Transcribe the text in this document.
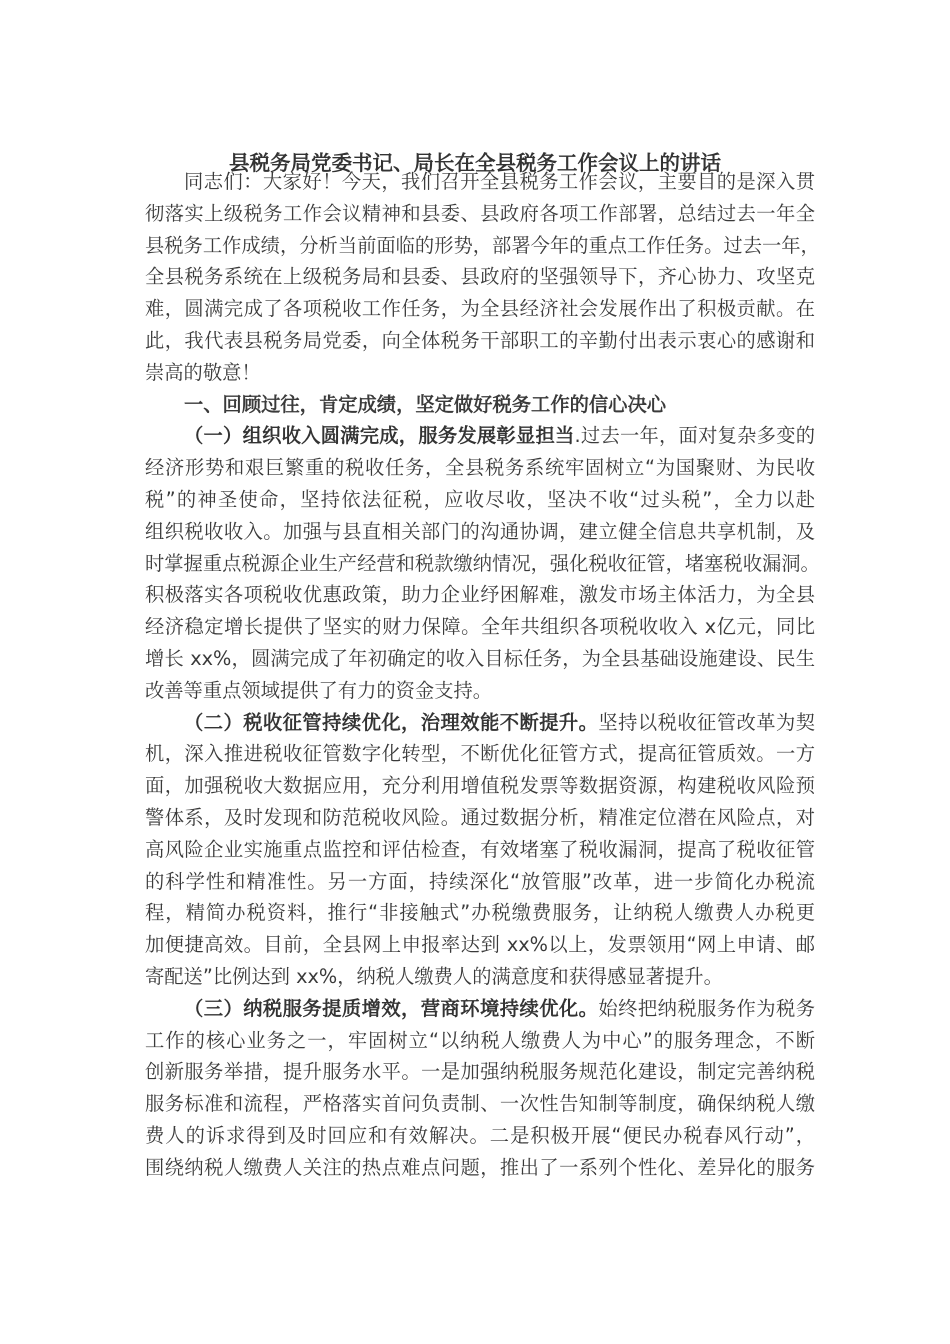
县税务局党委书记、局长在全县税务工作会议上的讲话
同志们：大家好！今天，我们召开全县税务工作会议，主要目的是深入贯
彻落实上级税务工作会议精神和县委、县政府各项工作部署，总结过去一年全
县税务工作成绩，分析当前面临的形势，部署今年的重点工作任务。过去一年，
全县税务系统在上级税务局和县委、县政府的坚强领导下，齐心协力、攻坚克
难，圆满完成了各项税收工作任务，为全县经济社会发展作出了积极贡献。在
此，我代表县税务局党委，向全体税务干部职工的辛勤付出表示衷心的感谢和
崇高的敬意！
一、回顾过往，肯定成绩，坚定做好税务工作的信心决心
（一）组织收入圆满完成，服务发展彰显担当.过去一年，面对复杂多变的
经济形势和艰巨繁重的税收任务，全县税务系统牢固树立“为国聚财、为民收
税”的神圣使命，坚持依法征税，应收尽收，坚决不收“过头税”，全力以赴
组织税收收入。加强与县直相关部门的沟通协调，建立健全信息共享机制，及
时掌握重点税源企业生产经营和税款缴纳情况，强化税收征管，堵塞税收漏洞。
积极落实各项税收优惠政策，助力企业纾困解难，激发市场主体活力，为全县
经济稳定增长提供了坚实的财力保障。全年共组织各项税收收入 x亿元，同比
增长 xx%，圆满完成了年初确定的收入目标任务，为全县基础设施建设、民生
改善等重点领域提供了有力的资金支持。
（二）税收征管持续优化，治理效能不断提升。坚持以税收征管改革为契
机，深入推进税收征管数字化转型，不断优化征管方式，提高征管质效。一方
面，加强税收大数据应用，充分利用增值税发票等数据资源，构建税收风险预
警体系，及时发现和防范税收风险。通过数据分析，精准定位潜在风险点，对
高风险企业实施重点监控和评估检查，有效堵塞了税收漏洞，提高了税收征管
的科学性和精准性。另一方面，持续深化“放管服”改革，进一步简化办税流
程，精简办税资料，推行“非接触式”办税缴费服务，让纳税人缴费人办税更
加便捷高效。目前，全县网上申报率达到 xx%以上，发票领用“网上申请、邮
寄配送”比例达到 xx%，纳税人缴费人的满意度和获得感显著提升。
（三）纳税服务提质增效，营商环境持续优化。始终把纳税服务作为税务
工作的核心业务之一，牢固树立“以纳税人缴费人为中心”的服务理念，不断
创新服务举措，提升服务水平。一是加强纳税服务规范化建设，制定完善纳税
服务标准和流程，严格落实首问负责制、一次性告知制等制度，确保纳税人缴
费人的诉求得到及时回应和有效解决。二是积极开展“便民办税春风行动”，
围绕纳税人缴费人关注的热点难点问题，推出了一系列个性化、差异化的服务
